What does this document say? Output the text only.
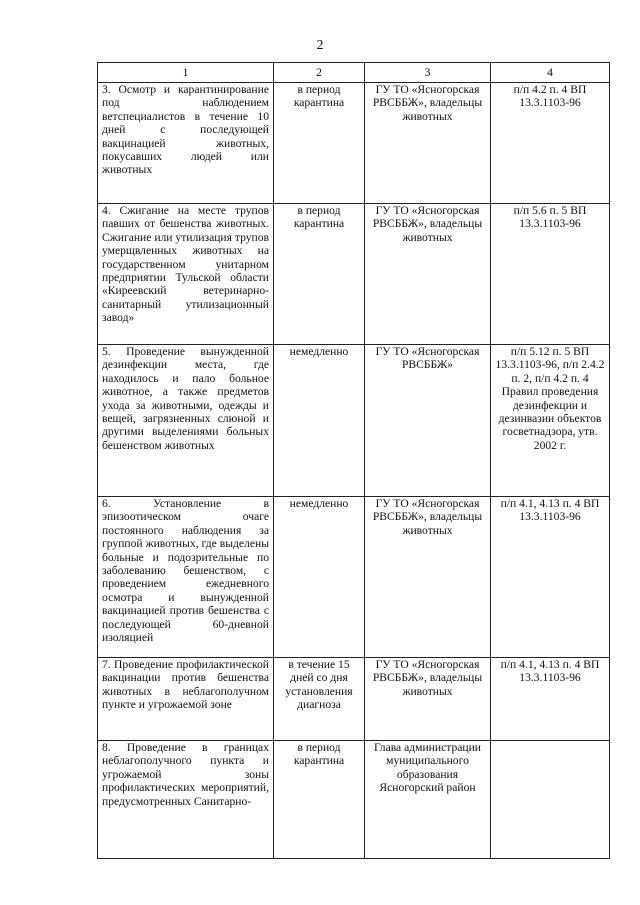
2
1	2	3	4

3. Осмотр и карантинирование под наблюдением ветспециалистов в течение 10 дней с последующей вакцинацией животных, покусавших людей или животных	в период карантина	ГУ ТО «Ясногорская РВСББЖ», владельцы животных	п/п 4.2 п. 4 ВП 13.3.1103-96

4. Сжигание на месте трупов павших от бешенства животных. Сжигание или утилизация трупов умерщвленных животных на государственном унитарном предприятии Тульской области «Киреевский ветеринарно-санитарный утилизационный завод»	в период карантина	ГУ ТО «Ясногорская РВСББЖ», владельцы животных	п/п 5.6 п. 5 ВП 13.3.1103-96

5. Проведение вынужденной дезинфекции места, где находилось и пало больное животное, а также предметов ухода за животными, одежды и вещей, загрязненных слюной и другими выделениями больных бешенством животных	немедленно	ГУ ТО «Ясногорская РВСББЖ»	п/п 5.12 п. 5 ВП 13.3.1103-96, п/п 2.4.2 п. 2, п/п 4.2 п. 4 Правил проведения дезинфекции и дезинвазии объектов госветнадзора, утв. 2002 г.

6. Установление в эпизоотическом очаге постоянного наблюдения за группой животных, где выделены больные и подозрительные по заболеванию бешенством, с проведением ежедневного осмотра и вынужденной вакцинацией против бешенства с последующей 60-дневной изоляцией	немедленно	ГУ ТО «Ясногорская РВСББЖ», владельцы животных	п/п 4.1, 4.13 п. 4 ВП 13.3.1103-96

7. Проведение профилактической вакцинации против бешенства животных в неблагополучном пункте и угрожаемой зоне	в течение 15 дней со дня установления диагноза	ГУ ТО «Ясногорская РВСББЖ», владельцы животных	п/п 4.1, 4.13 п. 4 ВП 13.3.1103-96

8. Проведение в границах неблагополучного пункта и угрожаемой зоны профилактических мероприятий, предусмотренных Санитарно-	в период карантина	Глава администрации муниципального образования Ясногорский район	
